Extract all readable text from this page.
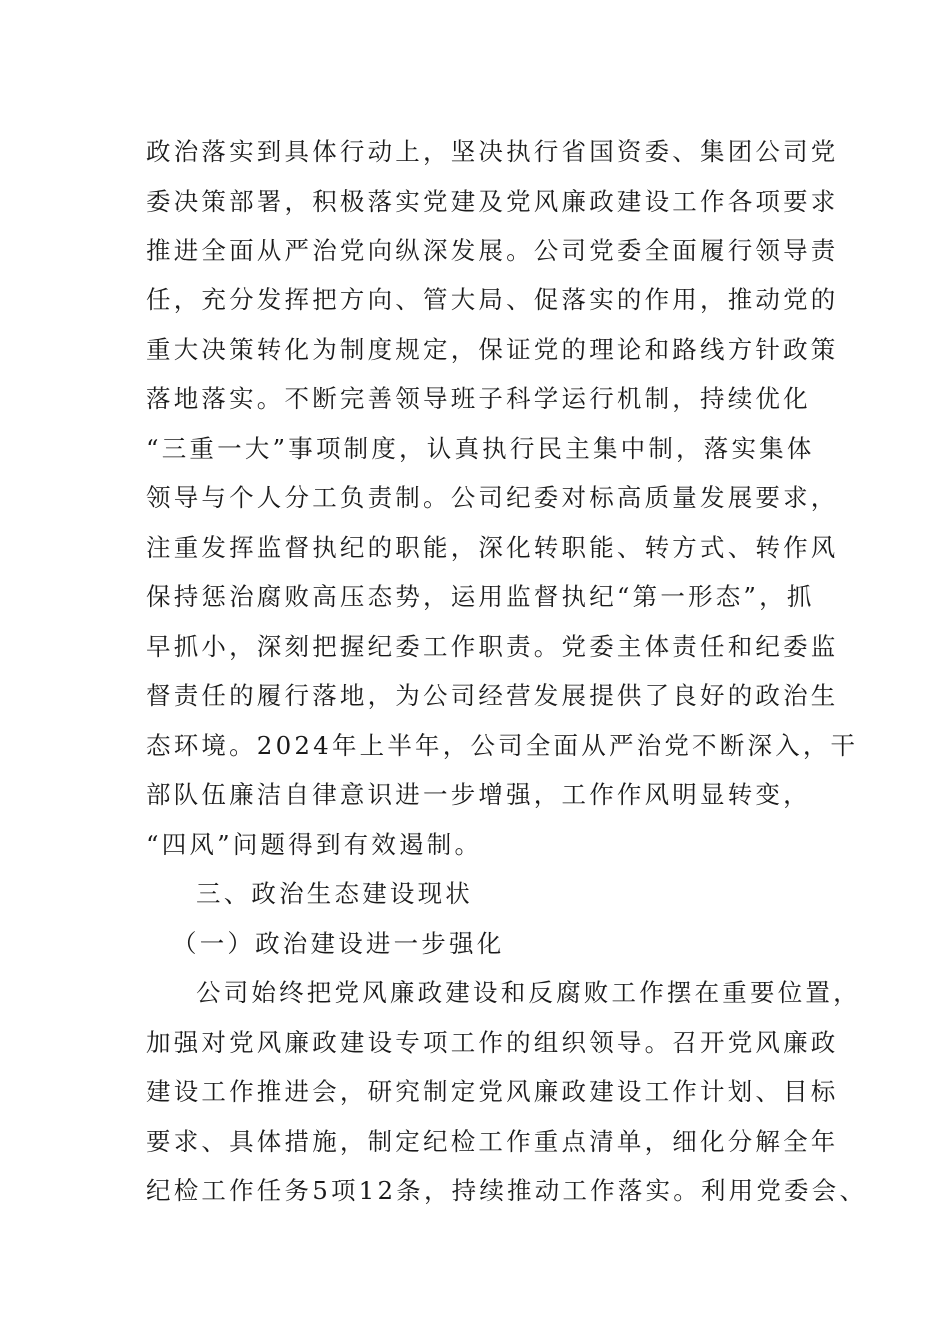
政治落实到具体行动上，坚决执行省国资委、集团公司党
委决策部署，积极落实党建及党风廉政建设工作各项要求
推进全面从严治党向纵深发展。公司党委全面履行领导责
任，充分发挥把方向、管大局、促落实的作用，推动党的
重大决策转化为制度规定，保证党的理论和路线方针政策
落地落实。不断完善领导班子科学运行机制，持续优化
“三重一大”事项制度，认真执行民主集中制，落实集体
领导与个人分工负责制。公司纪委对标高质量发展要求，
注重发挥监督执纪的职能，深化转职能、转方式、转作风
保持惩治腐败高压态势，运用监督执纪“第一形态”，抓
早抓小，深刻把握纪委工作职责。党委主体责任和纪委监
督责任的履行落地，为公司经营发展提供了良好的政治生
态环境。2024年上半年，公司全面从严治党不断深入，干
部队伍廉洁自律意识进一步增强，工作作风明显转变，
“四风”问题得到有效遏制。
三、政治生态建设现状
（一）政治建设进一步强化
公司始终把党风廉政建设和反腐败工作摆在重要位置，
加强对党风廉政建设专项工作的组织领导。召开党风廉政
建设工作推进会，研究制定党风廉政建设工作计划、目标
要求、具体措施，制定纪检工作重点清单，细化分解全年
纪检工作任务5项12条，持续推动工作落实。利用党委会、
